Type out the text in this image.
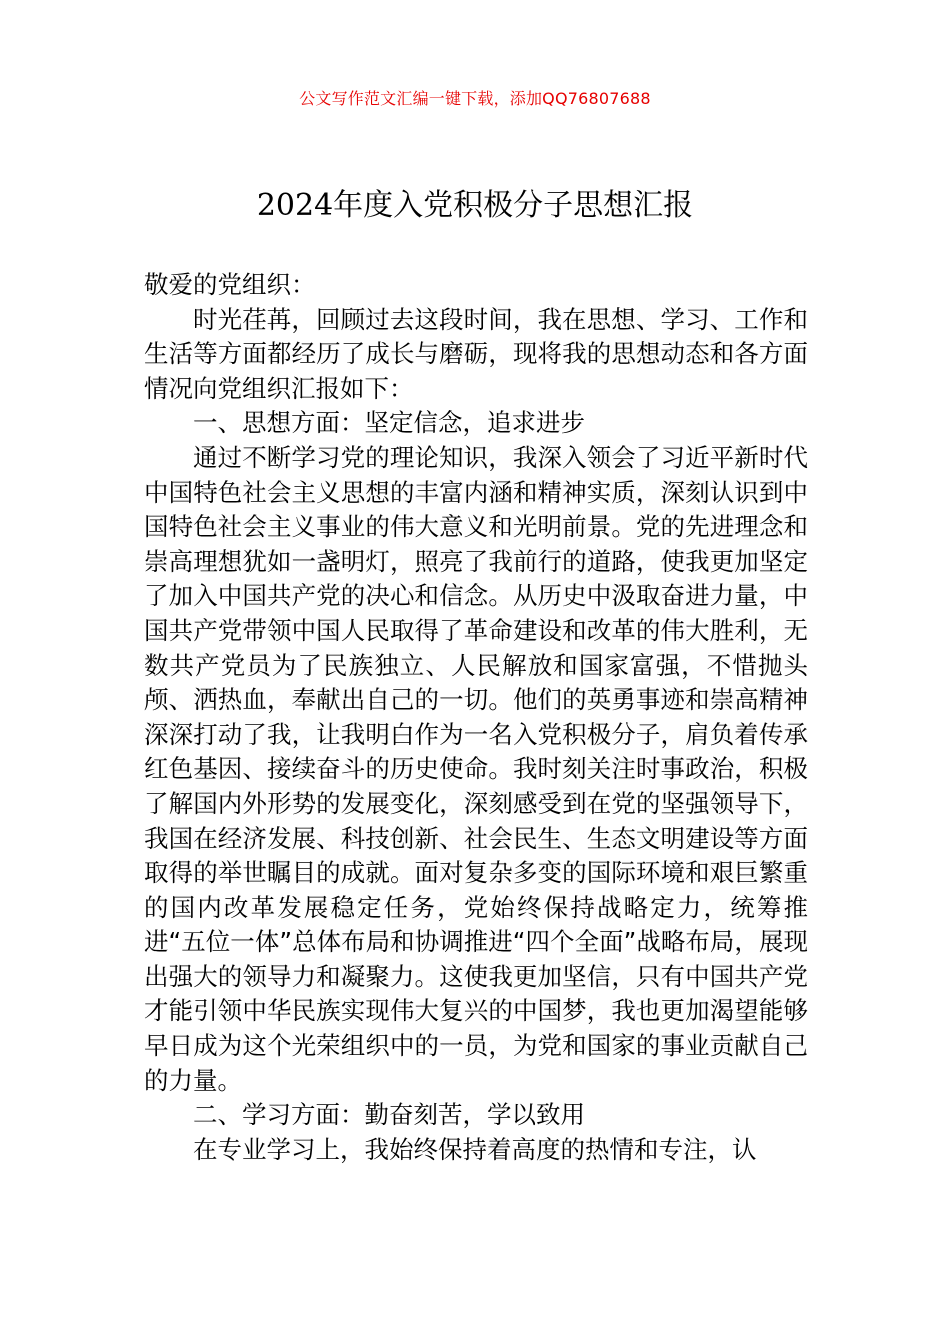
公文写作范文汇编一键下载，添加QQ76807688
2024年度入党积极分子思想汇报

敬爱的党组织：

时光荏苒，回顾过去这段时间，我在思想、学习、工作和生活等方面都经历了成长与磨砺，现将我的思想动态和各方面情况向党组织汇报如下：

一、思想方面：坚定信念，追求进步

通过不断学习党的理论知识，我深入领会了习近平新时代中国特色社会主义思想的丰富内涵和精神实质，深刻认识到中国特色社会主义事业的伟大意义和光明前景。党的先进理念和崇高理想犹如一盏明灯，照亮了我前行的道路，使我更加坚定了加入中国共产党的决心和信念。从历史中汲取奋进力量，中国共产党带领中国人民取得了革命建设和改革的伟大胜利，无数共产党员为了民族独立、人民解放和国家富强，不惜抛头颅、洒热血，奉献出自己的一切。他们的英勇事迹和崇高精神深深打动了我，让我明白作为一名入党积极分子，肩负着传承红色基因、接续奋斗的历史使命。我时刻关注时事政治，积极了解国内外形势的发展变化，深刻感受到在党的坚强领导下，我国在经济发展、科技创新、社会民生、生态文明建设等方面取得的举世瞩目的成就。面对复杂多变的国际环境和艰巨繁重的国内改革发展稳定任务，党始终保持战略定力，统筹推进“五位一体”总体布局和协调推进“四个全面”战略布局，展现出强大的领导力和凝聚力。这使我更加坚信，只有中国共产党才能引领中华民族实现伟大复兴的中国梦，我也更加渴望能够早日成为这个光荣组织中的一员，为党和国家的事业贡献自己的力量。

二、学习方面：勤奋刻苦，学以致用

在专业学习上，我始终保持着高度的热情和专注，认
